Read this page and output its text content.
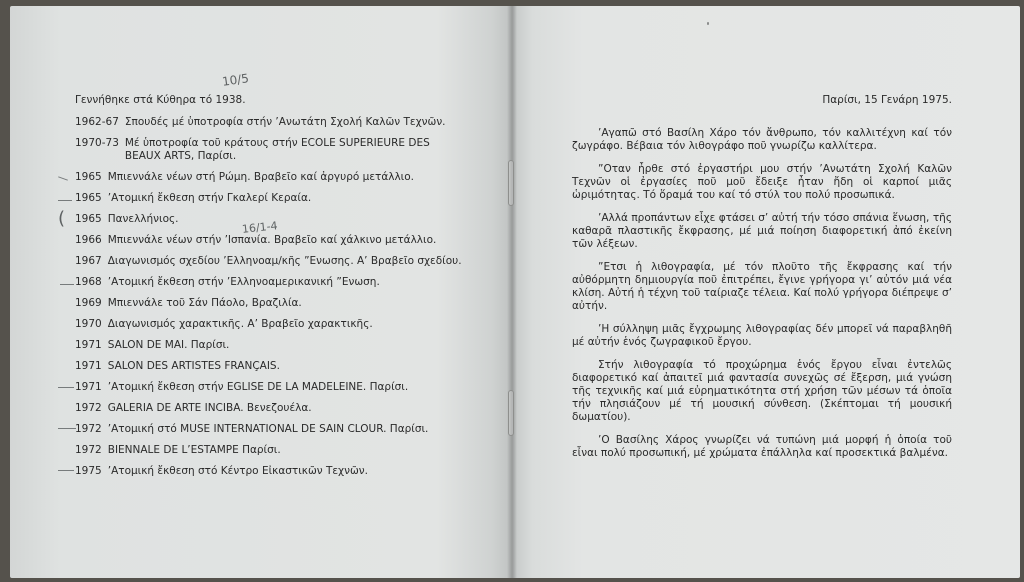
10/5
16/1-4
(
Γεννήθηκε στά Κύθηρα τό 1938.
1962-67 Σπουδές μέ ὑποτροφία στήν ’Ανωτάτη Σχολή Καλῶν Τεχνῶν.
1970-73 Μέ ὑποτροφία τοῦ κράτους στήν ECOLE SUPERIEURE DES BEAUX ARTS, Παρίσι.
1965 Μπιεννάλε νέων στή Ρώμη. Βραβεῖο καί ἀργυρό μετάλλιο.
1965 ’Ατομική ἔκθεση στήν Γκαλερί Κεραία.
1965 Πανελλήνιος.
1966 Μπιεννάλε νέων στήν ’Ισπανία. Βραβεῖο καί χάλκινο μετάλλιο.
1967 Διαγωνισμός σχεδίου ’Ελληνοαμ/κῆς ”Ενωσης. Α’ Βραβεῖο σχεδίου.
1968 ’Ατομική ἔκθεση στήν ’Ελληνοαμερικανική ”Ενωση.
1969 Μπιεννάλε τοῦ Σάν Πάολο, Βραζιλία.
1970 Διαγωνισμός χαρακτικῆς. Α’ Βραβεῖο χαρακτικῆς.
1971 SALON DE MAI. Παρίσι.
1971 SALON DES ARTISTES FRANÇAIS.
1971 ’Ατομική ἔκθεση στήν EGLISE DE LA MADELEINE. Παρίσι.
1972 GALERIA DE ARTE INCIBA. Βενεζουέλα.
1972 ’Ατομική στό MUSE INTERNATIONAL DE SAIN CLOUR. Παρίσι.
1972 BIENNALE DE L’ESTAMPE Παρίσι.
1975 ’Ατομική ἔκθεση στό Κέντρο Εἰκαστικῶν Τεχνῶν.
Παρίσι, 15 Γενάρη 1975.

’Αγαπῶ στό Βασίλη Χάρο τόν ἄνθρωπο, τόν καλλιτέχνη καί τόν ζωγράφο. Βέβαια τόν λιθογράφο ποῦ γνωρίζω καλλίτερα.

”Οταν ἦρθε στό ἐργαστήρι μου στήν ’Ανωτάτη Σχολή Καλῶν Τεχνῶν οἱ ἐργασίες ποῦ μοῦ ἔδειξε ἦταν ἤδη οἱ καρποί μιᾶς ὡριμότητας. Τό ὅραμά του καί τό στύλ του πολύ προσωπικά.

’Αλλά προπάντων εἶχε φτάσει σ’ αὐτή τήν τόσο σπάνια ἕνωση, τῆς καθαρᾶ πλαστικῆς ἔκφρασης, μέ μιά ποίηση διαφορετική ἀπό ἐκείνη τῶν λέξεων.

”Ετσι ἡ λιθογραφία, μέ τόν πλοῦτο τῆς ἔκφρασης καί τήν αὐθόρμητη δημιουργία ποῦ ἐπιτρέπει, ἔγινε γρήγορα γι’ αὐτόν μιά νέα κλίση. Αὐτή ἡ τέχνη τοῦ ταίριαζε τέλεια. Καί πολύ γρήγορα διέπρεψε σ’ αὐτήν.

’Η σύλληψη μιᾶς ἔγχρωμης λιθογραφίας δέν μπορεῖ νά παραβληθῆ μέ αὐτήν ἑνός ζωγραφικοῦ ἔργου.

Στήν λιθογραφία τό προχώρημα ἑνός ἔργου εἶναι ἐντελῶς διαφορετικό καί ἀπαιτεῖ μιά φαντασία συνεχῶς σέ ἔξερση, μιά γνώση τῆς τεχνικῆς καί μιά εὐρηματικότητα στή χρήση τῶν μέσων τά ὁποῖα τήν πλησιάζουν μέ τή μουσική σύνθεση. (Σκέπτομαι τή μουσική δωματίου).

’Ο Βασίλης Χάρος γνωρίζει νά τυπώνη μιά μορφή ἡ ὁποία τοῦ εἶναι πολύ προσωπική, μέ χρώματα ἐπάλληλα καί προσεκτικά βαλμένα.
